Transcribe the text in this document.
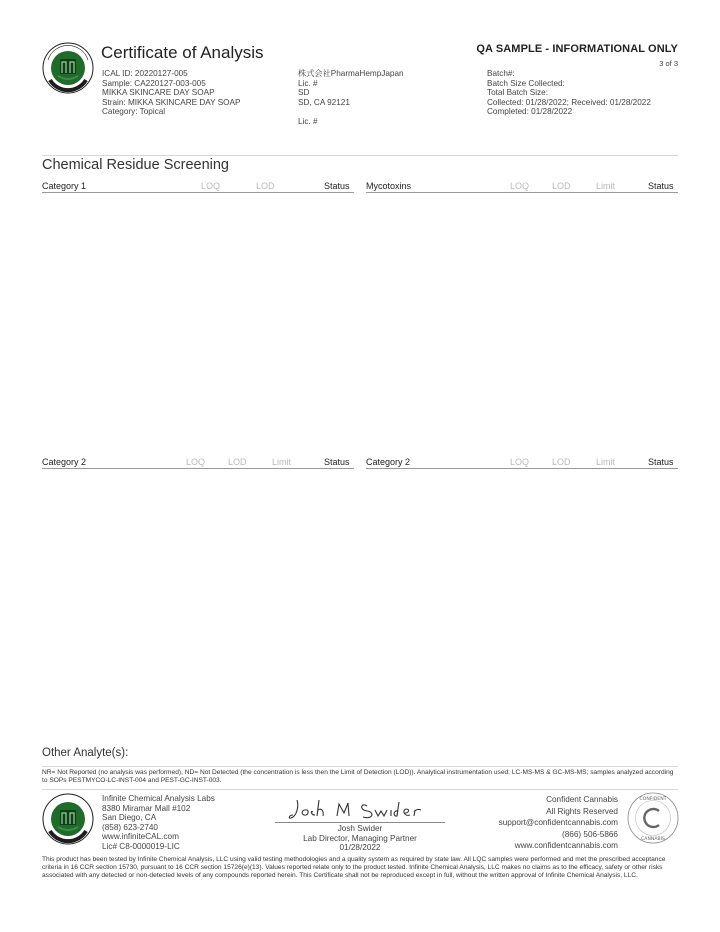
Certificate of Analysis	QA SAMPLE - INFORMATIONAL ONLY
3 of 3

ICAL ID: 20220127-005

Sample: CA220127-003-005

MIKKA SKINCARE DAY SOAP

Strain: MIKKA SKINCARE DAY SOAP

Category: Topical

株式会社PharmaHempJapan

Lic. #

SD

SD, CA 92121

Lic. #

Batch#:

Batch Size Collected:

Total Batch Size:

Collected: 01/28/2022; Received: 01/28/2022

Completed: 01/28/2022

Chemical Residue Screening
Category 1	LOQ	LOD	Status Mycotoxins	LOQ	LOD	Limit	Status
Category 2	LOQ	LOD	Limit	Status Category 2	LOQ	LOD	Limit	Status
Other Analyte(s):
NR= Not Reported (no analysis was performed), ND= Not Detected (the concentration is less then the Limit of Detection (LOD)). Analytical instrumentation used: LC-MS-MS & GC-MS-MS; samples analyzed according to SOPs PESTMYCO-LC-INST-004 and PEST-GC-INST-003.

Infinite Chemical Analysis Labs

8380 Miramar Mall #102

San Diego, CA

(858) 623-2740

www.infiniteCAL.com

Lic# C8-0000019-LIC

Josh Swider
Lab Director, Managing Partner
01/28/2022

Confident Cannabis

All Rights Reserved

support@confidentcannabis.com

(866) 506-5866

www.confidentcannabis.com

CONFIDENT
CANNABIS
This product has been tested by Infinite Chemical Analysis, LLC using valid testing methodologies and a quality system as required by state law. All LQC samples were performed and met the prescribed acceptance criteria in 16 CCR section 15730, pursuant to 16 CCR section 15726(e)(13). Values reported relate only to the product tested. Infinite Chemical Analysis, LLC makes no claims as to the efficacy, safety or other risks associated with any detected or non-detected levels of any compounds reported herein. This Certificate shall not be reproduced except in full, without the written approval of Infinite Chemical Analysis, LLC.
